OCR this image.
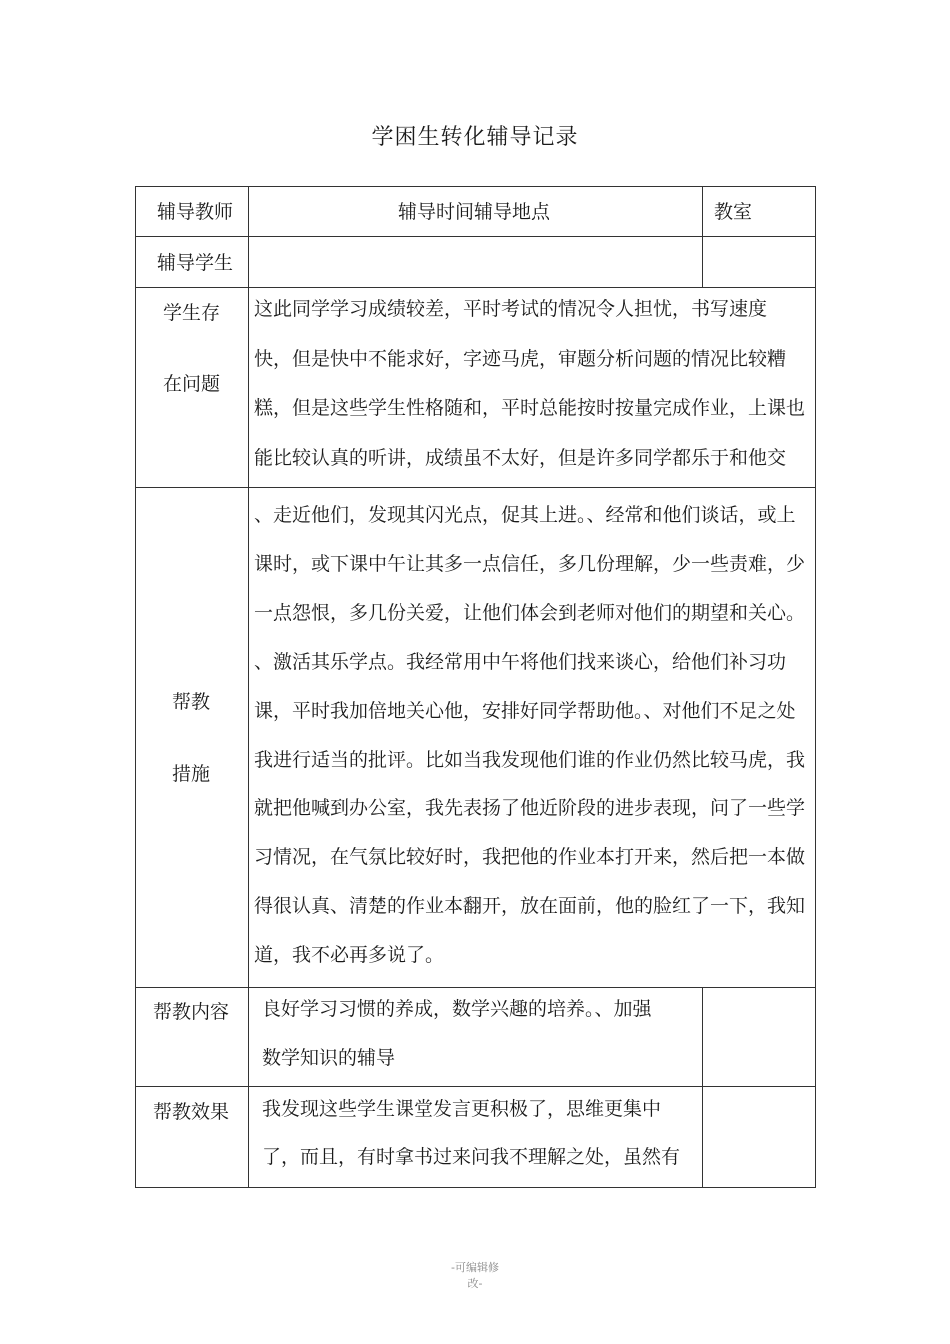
学困生转化辅导记录
辅导教师	辅导时间辅导地点	教室
辅导学生
学生存
在问题
这此同学学习成绩较差，平时考试的情况令人担忧，书写速度
快，但是快中不能求好，字迹马虎，审题分析问题的情况比较糟
糕，但是这些学生性格随和，平时总能按时按量完成作业，上课也
能比较认真的听讲，成绩虽不太好，但是许多同学都乐于和他交
帮教
措施
、走近他们，发现其闪光点，促其上进。、经常和他们谈话，或上
课时，或下课中午让其多一点信任，多几份理解，少一些责难，少
一点怨恨，多几份关爱，让他们体会到老师对他们的期望和关心。
、激活其乐学点。我经常用中午将他们找来谈心，给他们补习功
课，平时我加倍地关心他，安排好同学帮助他。、对他们不足之处
我进行适当的批评。比如当我发现他们谁的作业仍然比较马虎，我
就把他喊到办公室，我先表扬了他近阶段的进步表现，问了一些学
习情况，在气氛比较好时，我把他的作业本打开来，然后把一本做
得很认真、清楚的作业本翻开，放在面前，他的脸红了一下，我知
道，我不必再多说了。
帮教内容 良好学习习惯的养成，数学兴趣的培养。、加强
数学知识的辅导
帮教效果 我发现这些学生课堂发言更积极了，思维更集中
了，而且，有时拿书过来问我不理解之处，虽然有
-可编辑修
改-
